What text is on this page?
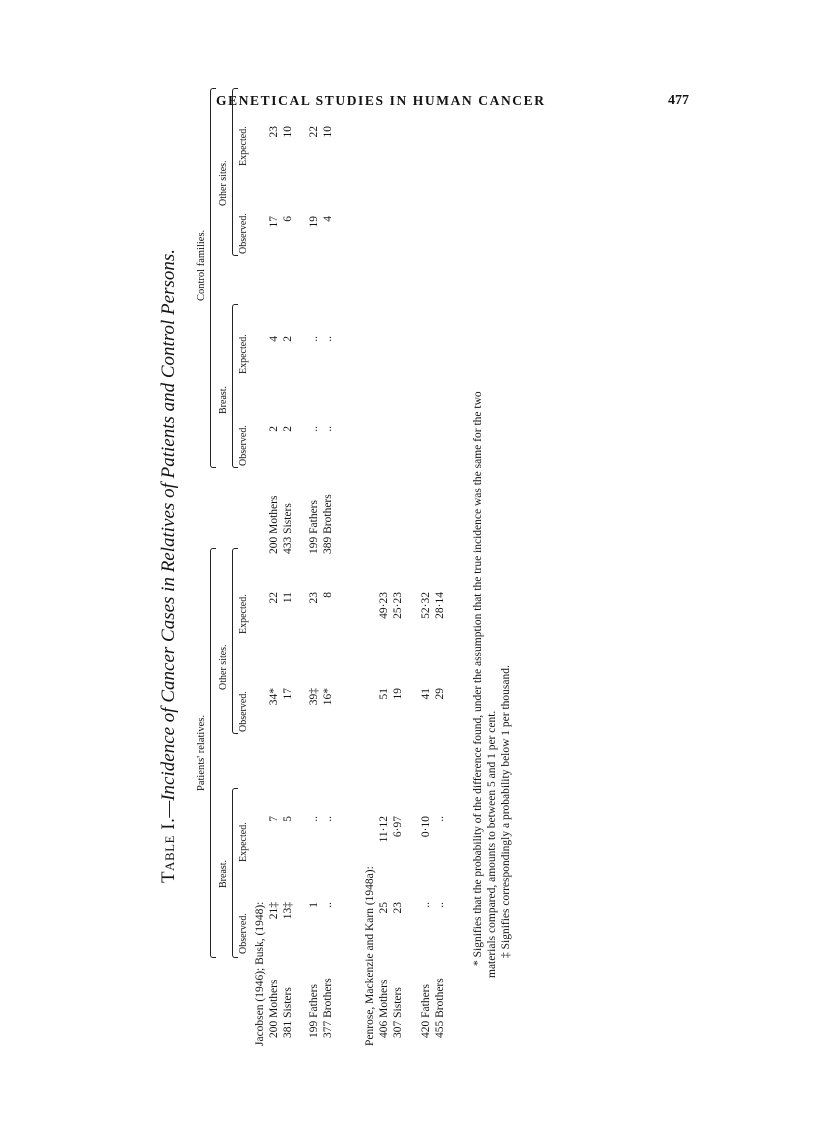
GENETICAL STUDIES IN HUMAN CANCER	477
Table I.—Incidence of Cancer Cases in Relatives of Patients and Control Persons. Patients' relatives.
Breast.
Other sites.
Observed.
Expected.
Observed.
Expected.
Control families.
Breast.
Other sites.
Observed.
Expected.
Observed.
Expected.
Jacobsen (1946); Busk, (1948): 200 Mothers
21‡
7
34*
22
381 Sisters
13‡
5
17
11
199 Fathers
1
..
39‡
23
377 Brothers
..
..
16*
8
Penrose, Mackenzie and Karn (1948a): 406 Mothers
25
11·12
51
49·23
307 Sisters
23
6·97
19
25·23
420 Fathers
..
0·10
41
52·32
455 Brothers
..
..
29
28·14
200 Mothers
2
4
17
23
433 Sisters
2
2
6
10
199 Fathers
..
..
19
22
389 Brothers
..
..
4
10
* Signifies that the probability of the difference found, under the assumption that the true incidence was the same for the two materials compared, amounts to between 5 and 1 per cent. ‡ Signifies correspondingly a probability below 1 per thousand.
